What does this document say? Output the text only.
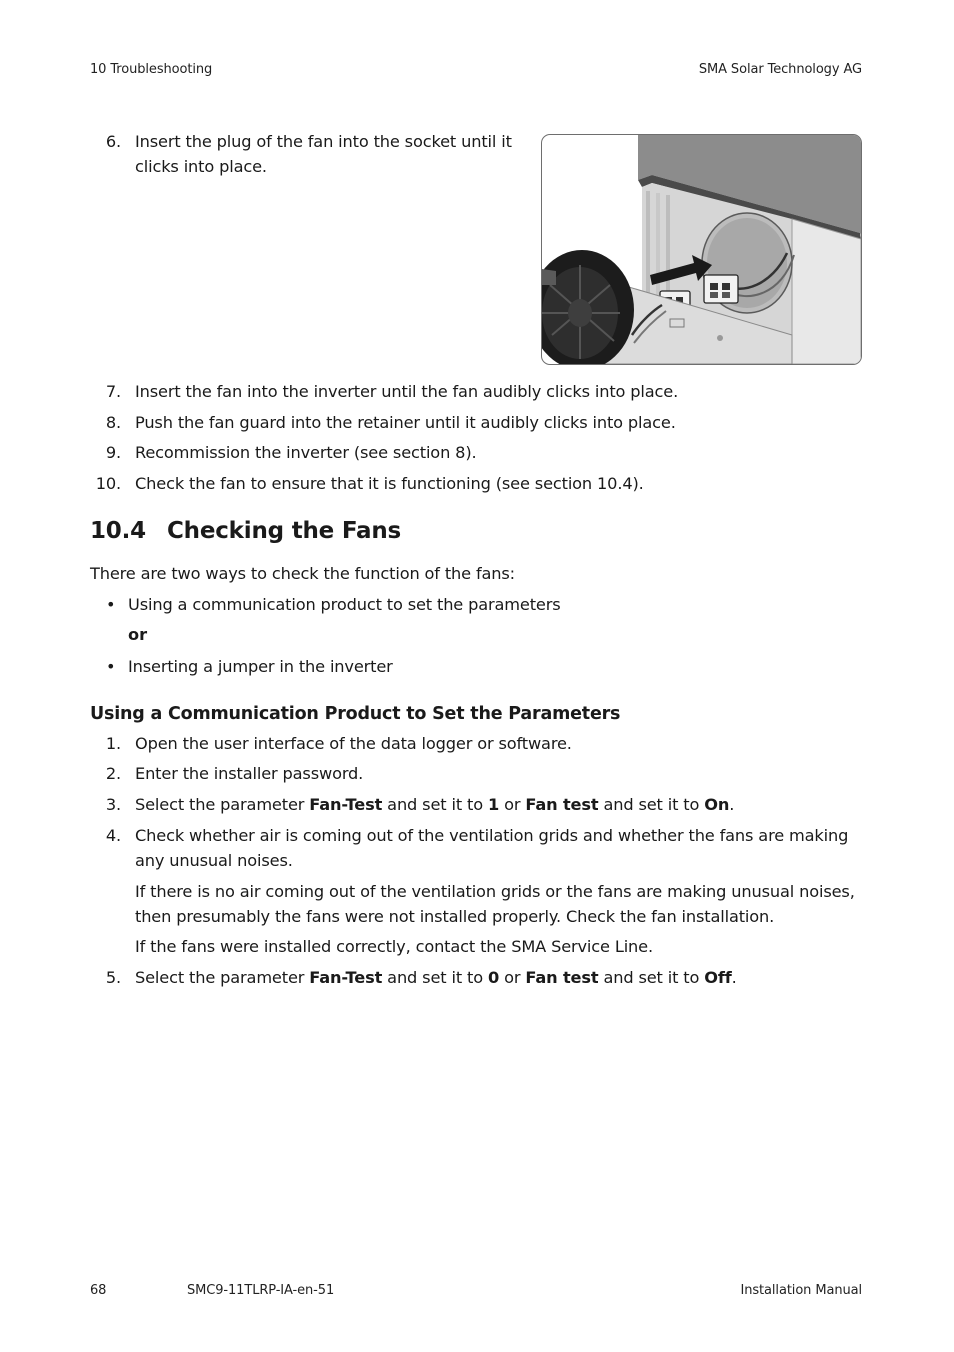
10 Troubleshooting	SMA Solar Technology AG
6. Insert the plug of the fan into the socket until it clicks into place.
7. Insert the fan into the inverter until the fan audibly clicks into place.
8. Push the fan guard into the retainer until it audibly clicks into place.
9. Recommission the inverter (see section 8).
10. Check the fan to ensure that it is functioning (see section 10.4).
10.4 Checking the Fans
There are two ways to check the function of the fans:
• Using a communication product to set the parameters
or
• Inserting a jumper in the inverter
Using a Communication Product to Set the Parameters
1. Open the user interface of the data logger or software.
2. Enter the installer password.
3. Select the parameter Fan-Test and set it to 1 or Fan test and set it to On.
4. Check whether air is coming out of the ventilation grids and whether the fans are making any unusual noises.
If there is no air coming out of the ventilation grids or the fans are making unusual noises, then presumably the fans were not installed properly. Check the fan installation.
If the fans were installed correctly, contact the SMA Service Line.
5. Select the parameter Fan-Test and set it to 0 or Fan test and set it to Off.
68	SMC9-11TLRP-IA-en-51	Installation Manual
